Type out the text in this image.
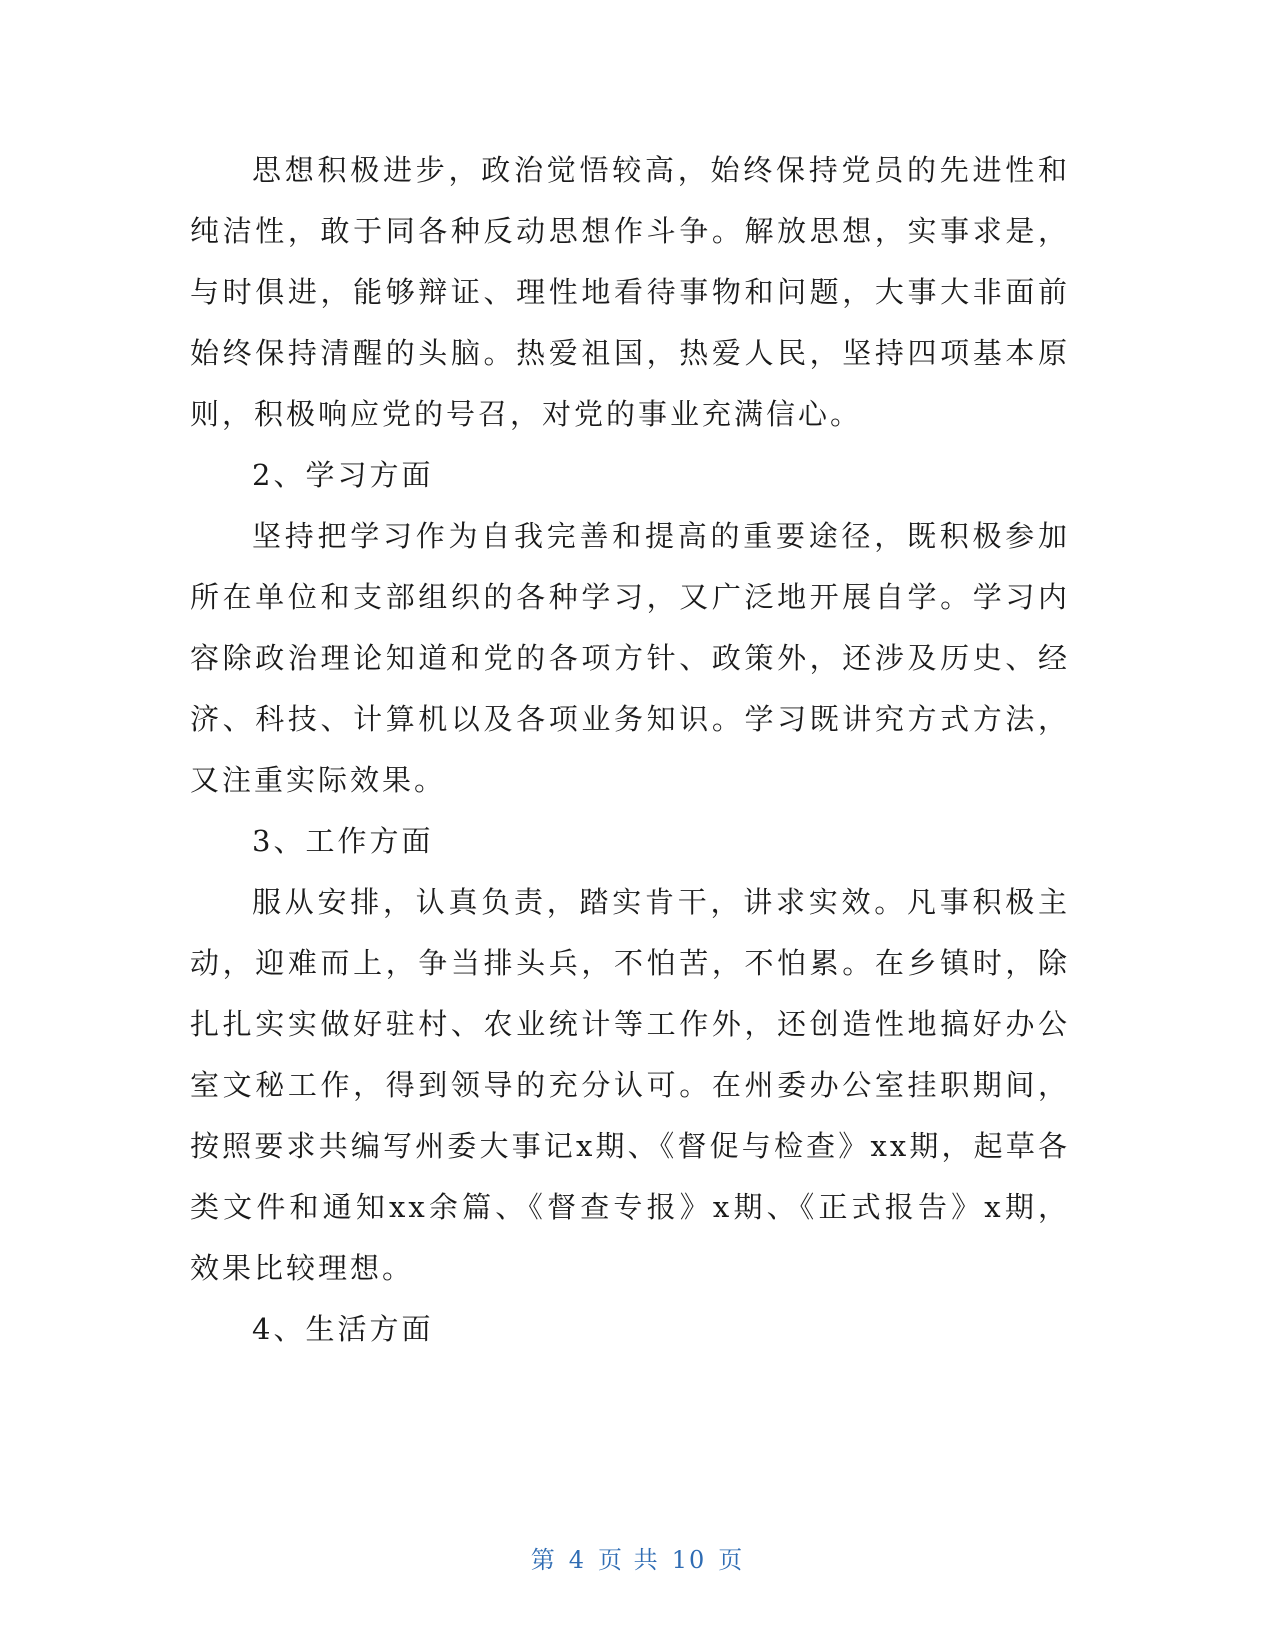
思想积极进步，政治觉悟较高，始终保持党员的先进性和纯洁性，敢于同各种反动思想作斗争。解放思想，实事求是，与时俱进，能够辩证、理性地看待事物和问题，大事大非面前始终保持清醒的头脑。热爱祖国，热爱人民，坚持四项基本原则，积极响应党的号召，对党的事业充满信心。

2、学习方面

坚持把学习作为自我完善和提高的重要途径，既积极参加所在单位和支部组织的各种学习，又广泛地开展自学。学习内容除政治理论知道和党的各项方针、政策外，还涉及历史、经济、科技、计算机以及各项业务知识。学习既讲究方式方法，又注重实际效果。

3、工作方面

服从安排，认真负责，踏实肯干，讲求实效。凡事积极主动，迎难而上，争当排头兵，不怕苦，不怕累。在乡镇时，除扎扎实实做好驻村、农业统计等工作外，还创造性地搞好办公室文秘工作，得到领导的充分认可。在州委办公室挂职期间，按照要求共编写州委大事记x期、《督促与检查》xx期，起草各类文件和通知xx余篇、《督查专报》x期、《正式报告》x期，效果比较理想。

4、生活方面

第 4 页 共 10 页
